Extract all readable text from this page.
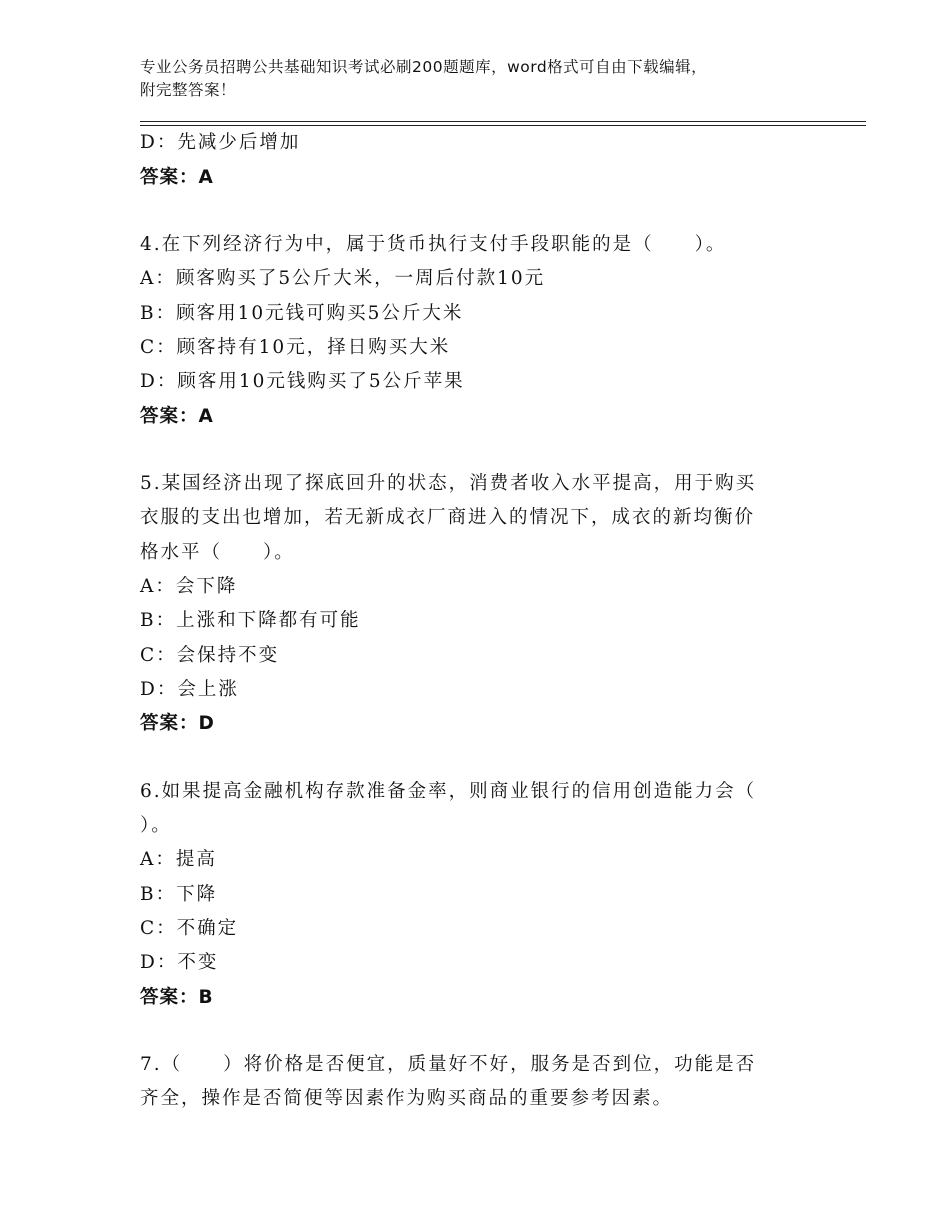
专业公务员招聘公共基础知识考试必刷200题题库，word格式可自由下载编辑，
附完整答案！
D：先减少后增加
答案：A
4.在下列经济行为中，属于货币执行支付手段职能的是（　　）。
A：顾客购买了5公斤大米，一周后付款10元
B：顾客用10元钱可购买5公斤大米
C：顾客持有10元，择日购买大米
D：顾客用10元钱购买了5公斤苹果
答案：A
5.某国经济出现了探底回升的状态，消费者收入水平提高，用于购买
衣服的支出也增加，若无新成衣厂商进入的情况下，成衣的新均衡价
格水平（　　）。
A：会下降
B：上涨和下降都有可能
C：会保持不变
D：会上涨
答案：D
6.如果提高金融机构存款准备金率，则商业银行的信用创造能力会（
）。
A：提高
B：下降
C：不确定
D：不变
答案：B
7.（　　）将价格是否便宜，质量好不好，服务是否到位，功能是否
齐全，操作是否简便等因素作为购买商品的重要参考因素。
